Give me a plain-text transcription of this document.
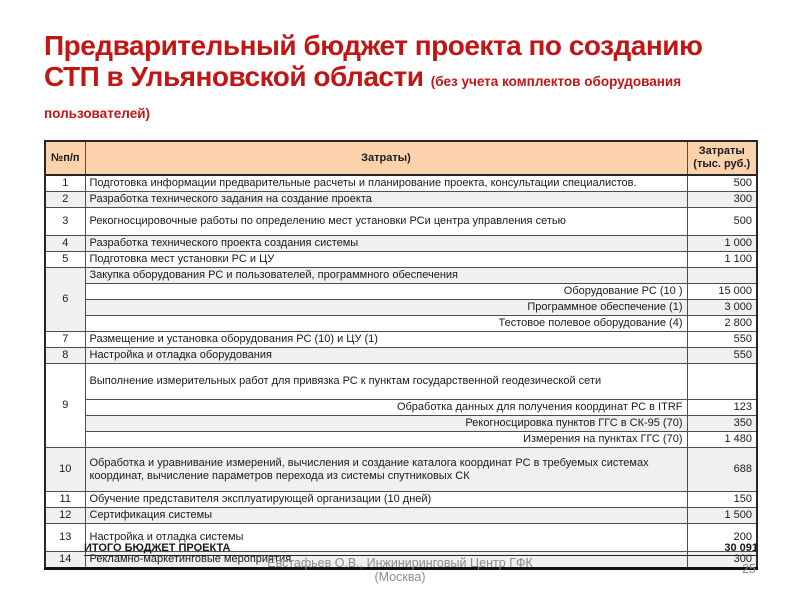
Предварительный бюджет проекта по созданию СТП в Ульяновской области (без учета комплектов оборудования пользователей)
№п/п	Затраты)	Затраты (тыс. руб.)
1	Подготовка информации предварительные расчеты и планирование проекта, консультации специалистов.	500
2	Разработка технического задания на создание проекта	300
3	Рекогносцировочные работы по определению мест установки РСи центра управления сетью	500
4	Разработка технического проекта создания системы	1 000
5	Подготовка мест установки РС и ЦУ	1 100
6	Закупка оборудования РС и пользователей, программного обеспечения	
	Оборудование РС (10 )	15 000
	Программное обеспечение (1)	3 000
	Тестовое полевое оборудование (4)	2 800
7	Размещение и установка оборудования РС (10) и ЦУ (1)	550
8	Настройка и отладка оборудования	550
9	Выполнение измерительных работ для привязка РС к пунктам государственной геодезической сети	
	Обработка данных для получения координат РС в ITRF	123
	Рекогносцировка пунктов ГГС в СК-95 (70)	350
	Измерения на пунктах ГГС (70)	1 480
10	Обработка и уравнивание измерений, вычисления и создание каталога координат РС в требуемых системах координат, вычисление параметров перехода из системы спутниковых СК	688
11	Обучение представителя эксплуатирующей организации (10 дней)	150
12	Сертификация системы	1 500
13	Настройка и отладка системы	200
14	Рекламно-маркетинговые мероприятия	300
ИТОГО БЮДЖЕТ ПРОЕКТА	30 091
Евстафьев О.В., Инжиниринговый Центр ГФК
(Москва)
25
